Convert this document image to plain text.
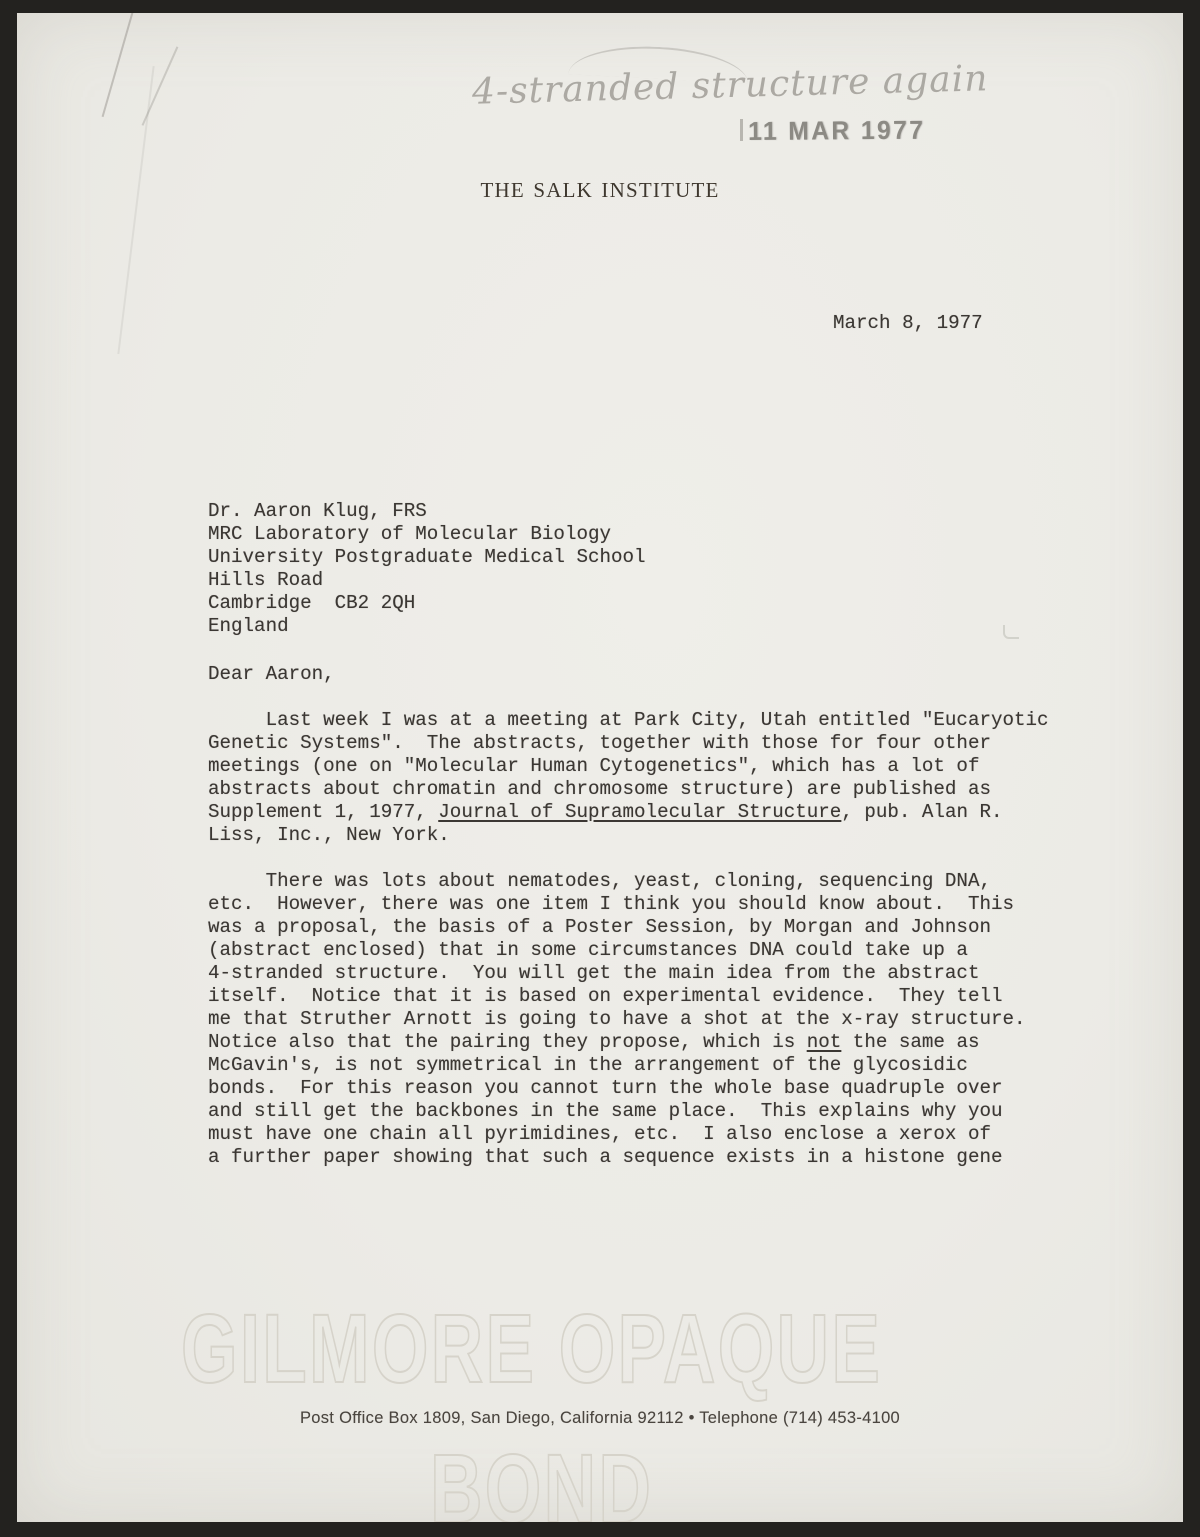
GILMORE OPAQUE
BOND
4-stranded structure again
11 MAR 1977
THE SALK INSTITUTE
March 8, 1977
Dr. Aaron Klug, FRS
MRC Laboratory of Molecular Biology
University Postgraduate Medical School
Hills Road
Cambridge  CB2 2QH
England
Dear Aaron,
Last week I was at a meeting at Park City, Utah entitled "Eucaryotic
Genetic Systems".  The abstracts, together with those for four other
meetings (one on "Molecular Human Cytogenetics", which has a lot of
abstracts about chromatin and chromosome structure) are published as
Supplement 1, 1977, Journal of Supramolecular Structure, pub. Alan R.
Liss, Inc., New York.
There was lots about nematodes, yeast, cloning, sequencing DNA,
etc.  However, there was one item I think you should know about.  This
was a proposal, the basis of a Poster Session, by Morgan and Johnson
(abstract enclosed) that in some circumstances DNA could take up a
4-stranded structure.  You will get the main idea from the abstract
itself.  Notice that it is based on experimental evidence.  They tell
me that Struther Arnott is going to have a shot at the x-ray structure.
Notice also that the pairing they propose, which is not the same as
McGavin's, is not symmetrical in the arrangement of the glycosidic
bonds.  For this reason you cannot turn the whole base quadruple over
and still get the backbones in the same place.  This explains why you
must have one chain all pyrimidines, etc.  I also enclose a xerox of
a further paper showing that such a sequence exists in a histone gene
Post Office Box 1809, San Diego, California 92112 • Telephone (714) 453-4100
